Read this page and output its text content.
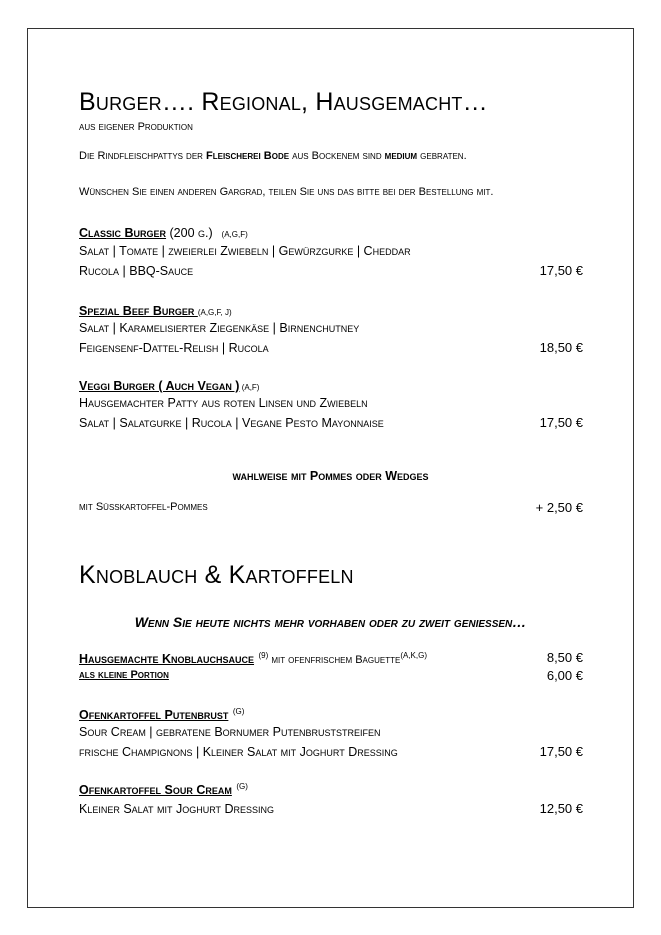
Burger…. Regional, Hausgemacht…
aus eigener Produktion
Die Rindfleischpattys der Fleischerei Bode aus Bockenem sind medium gebraten.
Wünschen Sie einen anderen Gargrad, teilen Sie uns das bitte bei der Bestellung mit.
Classic Burger (200 g.) (A,G,F)
Salat | Tomate | zweierlei Zwiebeln | Gewürzgurke | Cheddar
Rucola | BBQ-Sauce	17,50 €
Spezial Beef Burger (A,G,F, J)
Salat | Karamelisierter Ziegenkäse | Birnenchutney
Feigensenf-Dattel-Relish | Rucola	18,50 €
Veggi Burger ( Auch Vegan ) (A,F)
Hausgemachter Patty aus roten Linsen und Zwiebeln
Salat | Salatgurke | Rucola | Vegane Pesto Mayonnaise	17,50 €
wahlweise mit Pommes oder Wedges
mit Süßkartoffel-Pommes	+ 2,50 €
Knoblauch & Kartoffeln
Wenn Sie heute nichts mehr vorhaben oder zu zweit genießen…
Hausgemachte Knoblauchsauce $^{(9)}$ mit ofenfrischem Baguette$^{(A,K,G)}$	8,50 €
als kleine Portion	6,00 €
Ofenkartoffel Putenbrust $^{(G)}$
Sour Cream | gebratene Bornumer Putenbruststreifen
frische Champignons | Kleiner Salat mit Joghurt Dressing	17,50 €
Ofenkartoffel Sour Cream $^{(G)}$
Kleiner Salat mit Joghurt Dressing	12,50 €
